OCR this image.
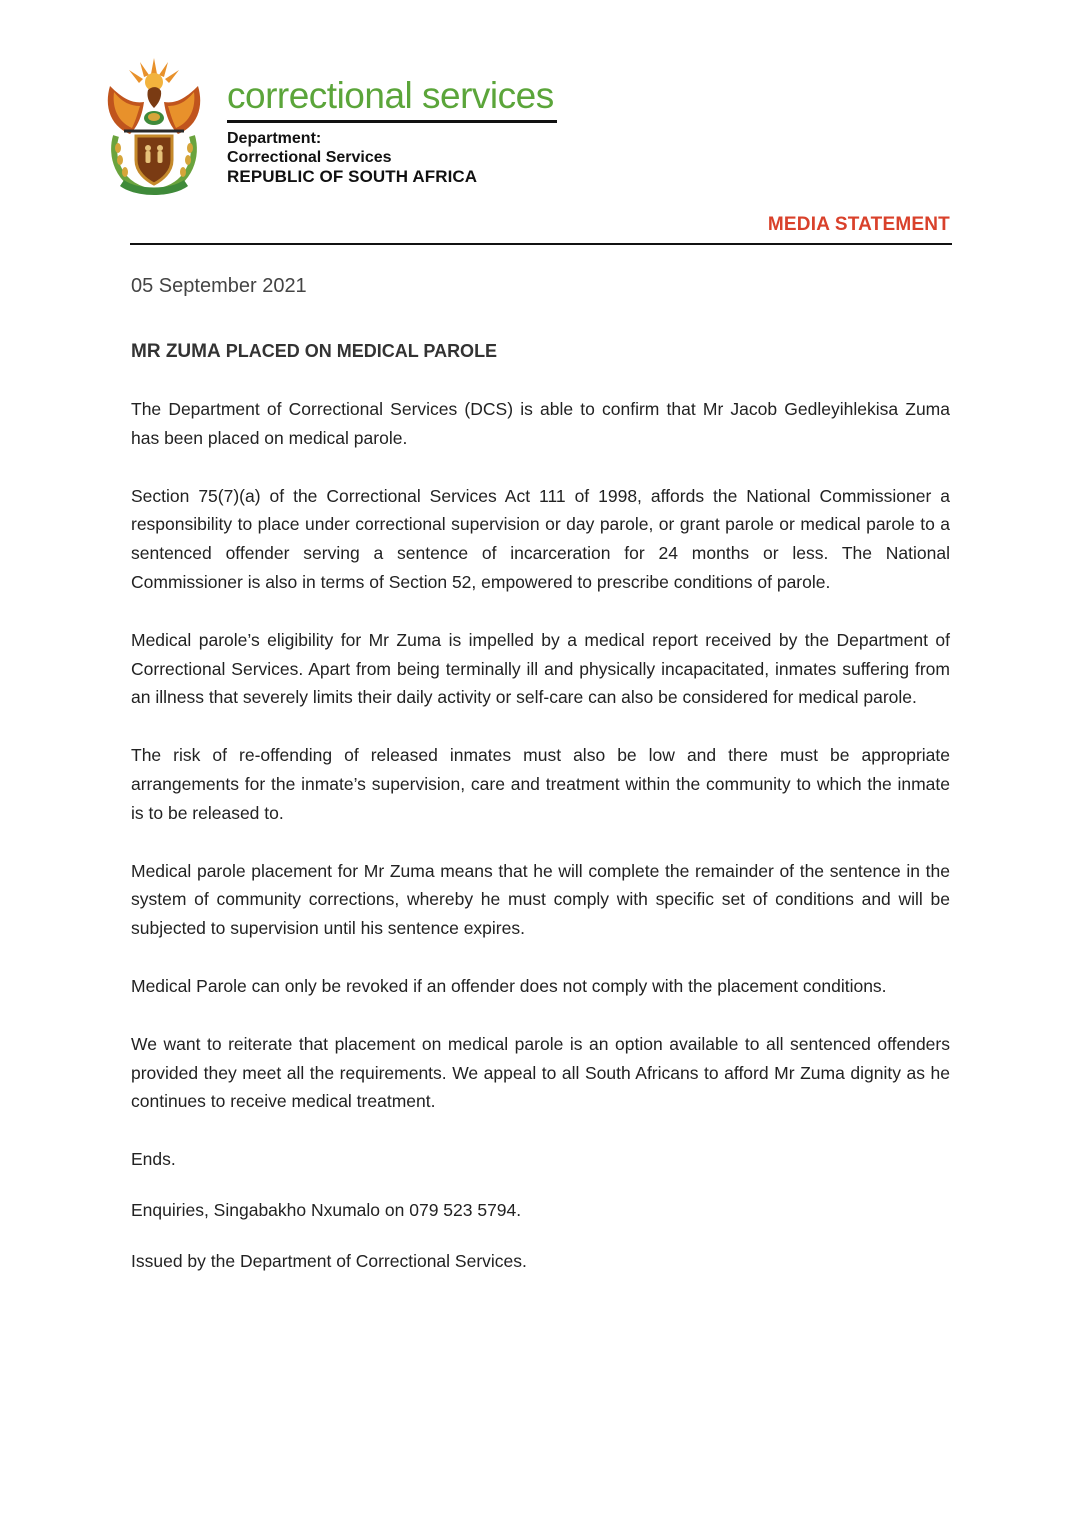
correctional services
Department:
Correctional Services
REPUBLIC OF SOUTH AFRICA
MEDIA STATEMENT
05 September 2021
MR ZUMA PLACED ON MEDICAL PAROLE

The Department of Correctional Services (DCS) is able to confirm that Mr Jacob Gedleyihlekisa Zuma has been placed on medical parole.

Section 75(7)(a) of the Correctional Services Act 111 of 1998, affords the National Commissioner a responsibility to place under correctional supervision or day parole, or grant parole or medical parole to a sentenced offender serving a sentence of incarceration for 24 months or less. The National Commissioner is also in terms of Section 52, empowered to prescribe conditions of parole.

Medical parole’s eligibility for Mr Zuma is impelled by a medical report received by the Department of Correctional Services. Apart from being terminally ill and physically incapacitated, inmates suffering from an illness that severely limits their daily activity or self-care can also be considered for medical parole.

The risk of re-offending of released inmates must also be low and there must be appropriate arrangements for the inmate’s supervision, care and treatment within the community to which the inmate is to be released to.

Medical parole placement for Mr Zuma means that he will complete the remainder of the sentence in the system of community corrections, whereby he must comply with specific set of conditions and will be subjected to supervision until his sentence expires.

Medical Parole can only be revoked if an offender does not comply with the placement conditions.

We want to reiterate that placement on medical parole is an option available to all sentenced offenders provided they meet all the requirements. We appeal to all South Africans to afford Mr Zuma dignity as he continues to receive medical treatment.

Ends.

Enquiries, Singabakho Nxumalo on 079 523 5794.

Issued by the Department of Correctional Services.
